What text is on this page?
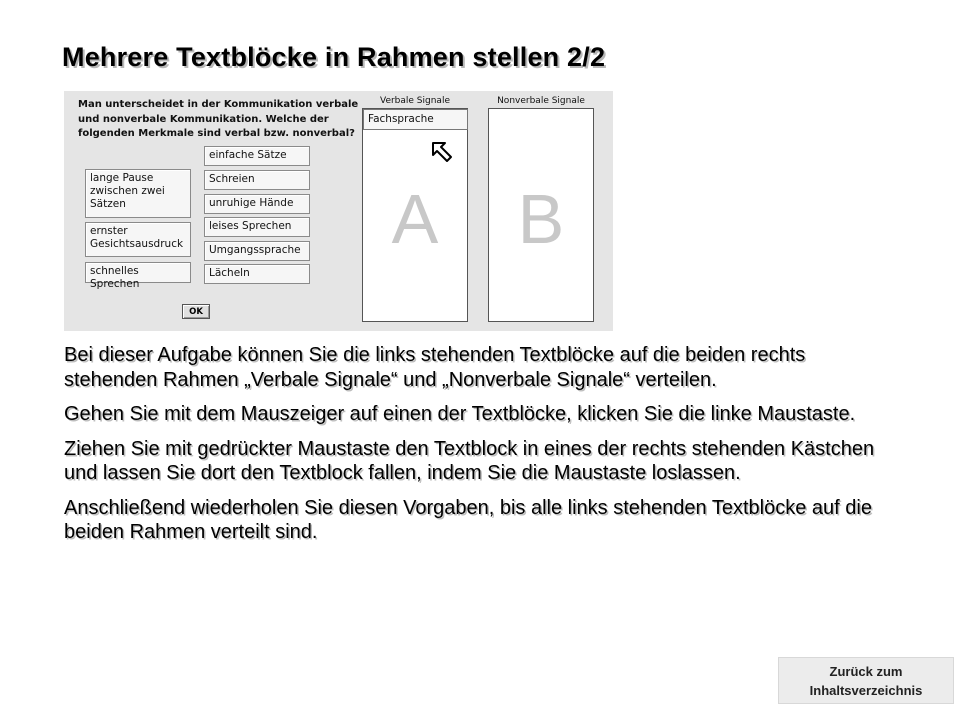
Mehrere Textblöcke in Rahmen stellen 2/2

Man unterscheidet in der Kommunikation verbale und nonverbale Kommunikation. Welche der folgenden Merkmale sind verbal bzw. nonverbal?

lange Pause
zwischen zwei
Sätzen
ernster
Gesichtsausdruck
schnelles Sprechen
einfache Sätze
Schreien
unruhige Hände
leises Sprechen
Umgangssprache
Lächeln
OK
Verbale Signale
Fachsprache
A
Nonverbale Signale
B

Bei dieser Aufgabe können Sie die links stehenden Textblöcke auf die beiden rechts stehenden Rahmen „Verbale Signale“ und „Nonverbale Signale“ verteilen.

Gehen Sie mit dem Mauszeiger auf einen der Textblöcke, klicken Sie die linke Maustaste.

Ziehen Sie mit gedrückter Maustaste den Textblock in eines der rechts stehenden Kästchen und lassen Sie dort den Textblock fallen, indem Sie die Maustaste loslassen.

Anschließend wiederholen Sie diesen Vorgaben, bis alle links stehenden Textblöcke auf die beiden Rahmen verteilt sind.

Zurück zum Inhaltsverzeichnis
